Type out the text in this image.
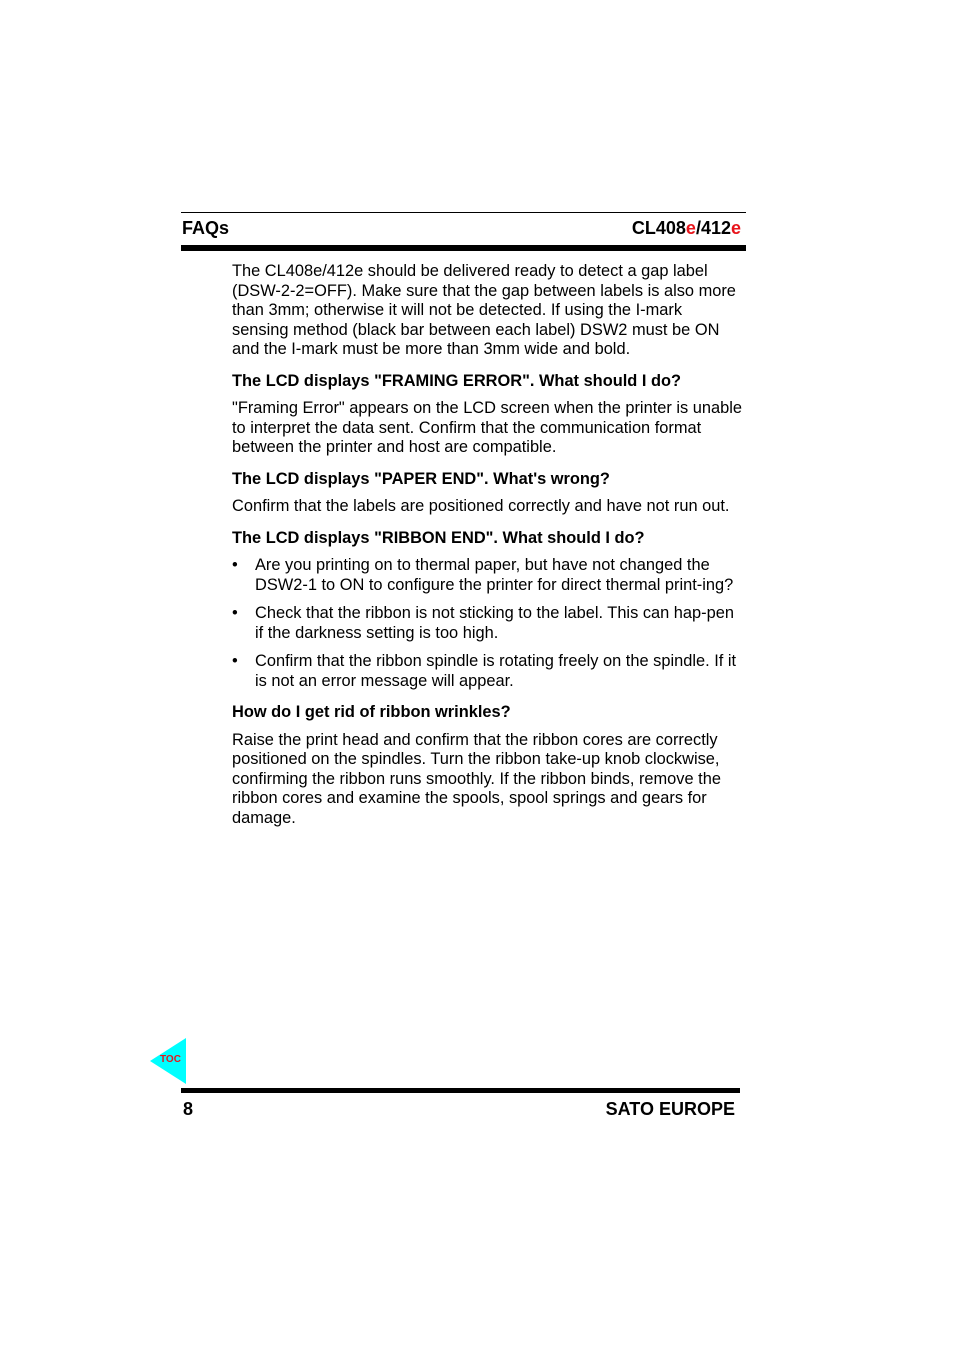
FAQs	CL408e/412e

The CL408e/412e should be delivered ready to detect a gap label (DSW-2-2=OFF). Make sure that the gap between labels is also more than 3mm; otherwise it will not be detected. If using the I-mark sensing method (black bar between each label) DSW2 must be ON and the I-mark must be more than 3mm wide and bold.

The LCD displays "FRAMING ERROR". What should I do?

"Framing Error" appears on the LCD screen when the printer is unable to interpret the data sent. Confirm that the communication format between the printer and host are compatible.

The LCD displays "PAPER END". What's wrong?

Confirm that the labels are positioned correctly and have not run out.

The LCD displays "RIBBON END". What should I do?
• Are you printing on to thermal paper, but have not changed the DSW2-1 to ON to configure the printer for direct thermal print-ing?
• Check that the ribbon is not sticking to the label. This can hap-pen if the darkness setting is too high.
• Confirm that the ribbon spindle is rotating freely on the spindle. If it is not an error message will appear.
How do I get rid of ribbon wrinkles?

Raise the print head and confirm that the ribbon cores are correctly positioned on the spindles. Turn the ribbon take-up knob clockwise, confirming the ribbon runs smoothly. If the ribbon binds, remove the ribbon cores and examine the spools, spool springs and gears for damage.

TOC
8	SATO EUROPE
